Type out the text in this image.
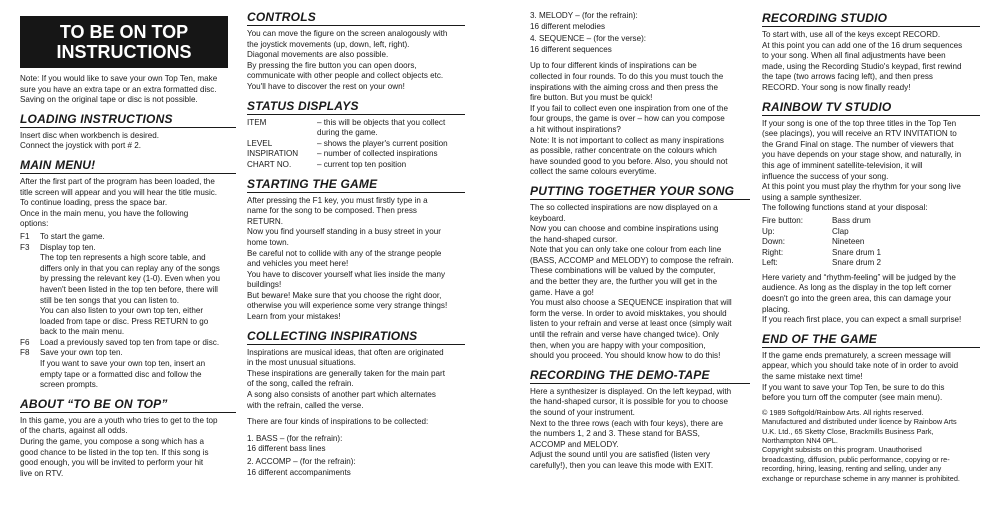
TO BE ON TOP
INSTRUCTIONS

Note: If you would like to save your own Top Ten, make
sure you have an extra tape or an extra formatted disc.
Saving on the original tape or disc is not possible.

LOADING INSTRUCTIONS

Insert disc when workbench is desired.
Connect the joystick with port # 2.

MAIN MENU!

After the first part of the program has been loaded, the
title screen will appear and you will hear the title music.
To continue loading, press the space bar.
Once in the main menu, you have the following
options:

F1	To start the game.
F3	Display top ten.
The top ten represents a high score table, and
differs only in that you can replay any of the songs
by pressing the relevant key (1-0). Even when you
haven't been listed in the top ten before, there will
still be ten songs that you can listen to.
You can also listen to your own top ten, either
loaded from tape or disc. Press RETURN to go
back to the main menu.
F6	Load a previously saved top ten from tape or disc.
F8	Save your own top ten.
If you want to save your own top ten, insert an
empty tape or a formatted disc and follow the
screen prompts.
ABOUT “TO BE ON TOP”

In this game, you are a youth who tries to get to the top
of the charts, against all odds.
During the game, you compose a song which has a
good chance to be listed in the top ten. If this song is
good enough, you will be invited to perform your hit
live on RTV.

CONTROLS

You can move the figure on the screen analogously with
the joystick movements (up, down, left, right).
Diagonal movements are also possible.
By pressing the fire button you can open doors,
communicate with other people and collect objects etc.
You'll have to discover the rest on your own!

STATUS DISPLAYS
ITEM	– this will be objects that you collect
during the game.
LEVEL	– shows the player's current position
INSPIRATION	– number of collected inspirations
CHART NO.	– current top ten position
STARTING THE GAME

After pressing the F1 key, you must firstly type in a
name for the song to be composed. Then press
RETURN.
Now you find yourself standing in a busy street in your
home town.
Be careful not to collide with any of the strange people
and vehicles you meet here!
You have to discover yourself what lies inside the many
buildings!
But beware! Make sure that you choose the right door,
otherwise you will experience some very strange things!
Learn from your mistakes!

COLLECTING INSPIRATIONS

Inspirations are musical ideas, that often are originated
in the most unusual situations.
These inspirations are generally taken for the main part
of the song, called the refrain.
A song also consists of another part which alternates
with the refrain, called the verse.

There are four kinds of inspirations to be collected:

1. BASS – (for the refrain):

16 different bass lines

2. ACCOMP – (for the refrain):

16 different accompaniments

3. MELODY – (for the refrain):

16 different melodies

4. SEQUENCE – (for the verse):

16 different sequences

Up to four different kinds of inspirations can be
collected in four rounds. To do this you must touch the
inspirations with the aiming cross and then press the
fire button. But you must be quick!
If you fail to collect even one inspiration from one of the
four groups, the game is over – how can you compose
a hit without inspirations?
Note: It is not important to collect as many inspirations
as possible, rather concentrate on the colours which
have sounded good to you before. Also, you should not
collect the same colours everytime.

PUTTING TOGETHER YOUR SONG

The so collected inspirations are now displayed on a
keyboard.
Now you can choose and combine inspirations using
the hand-shaped cursor.
Note that you can only take one colour from each line
(BASS, ACCOMP and MELODY) to compose the refrain.
These combinations will be valued by the computer,
and the better they are, the further you will get in the
game. Have a go!
You must also choose a SEQUENCE inspiration that will
form the verse. In order to avoid misktakes, you should
listen to your refrain and verse at least once (simply wait
until the refrain and verse have changed twice). Only
then, when you are happy with your composition,
should you proceed. You should know how to do this!

RECORDING THE DEMO-TAPE

Here a synthesizer is displayed. On the left keypad, with
the hand-shaped cursor, it is possible for you to choose
the sound of your instrument.
Next to the three rows (each with four keys), there are
the numbers 1, 2 and 3. These stand for BASS,
ACCOMP and MELODY.
Adjust the sound until you are satisfied (listen very
carefully!), then you can leave this mode with EXIT.

RECORDING STUDIO

To start with, use all of the keys except RECORD.
At this point you can add one of the 16 drum sequences
to your song. When all final adjustments have been
made, using the Recording Studio's keypad, first rewind
the tape (two arrows facing left), and then press
RECORD. Your song is now finally ready!

RAINBOW TV STUDIO

If your song is one of the top three titles in the Top Ten
(see placings), you will receive an RTV INVITATION to
the Grand Final on stage. The number of viewers that
you have depends on your stage show, and naturally, in
this age of imminent satellite-television, it will
influence the success of your song.
At this point you must play the rhythm for your song live
using a sample synthesizer.
The following functions stand at your disposal:

Fire button:	Bass drum
Up:	Clap
Down:	Nineteen
Right:	Snare drum 1
Left:	Snare drum 2

Here variety and “rhythm-feeling” will be judged by the
audience. As long as the display in the top left corner
doesn't go into the green area, this can damage your
placing.
If you reach first place, you can expect a small surprise!

END OF THE GAME

If the game ends prematurely, a screen message will
appear, which you should take note of in order to avoid
the same mistake next time!
If you want to save your Top Ten, be sure to do this
before you turn off the computer (see main menu).

© 1989 Softgold/Rainbow Arts. All rights reserved.
Manufactured and distributed under licence by Rainbow Arts
U.K. Ltd., 65 Sketty Close, Brackmills Business Park,
Northampton NN4 0PL.
Copyright subsists on this program. Unauthorised
broadcasting, diffusion, public performance, copying or re-
recording, hiring, leasing, renting and selling, under any
exchange or repurchase scheme in any manner is prohibited.
